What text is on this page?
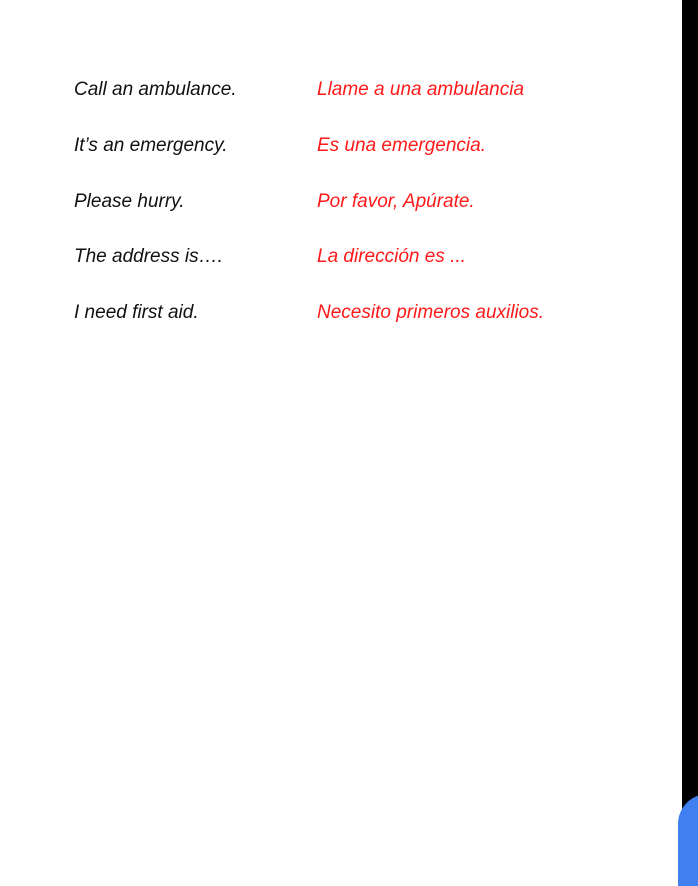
Call an ambulance.	Llame a una ambulancia
It’s an emergency.	Es una emergencia.
Please hurry.	Por favor, Apúrate.
The address is….	La dirección es ...
I need first aid.	Necesito primeros auxilios.
